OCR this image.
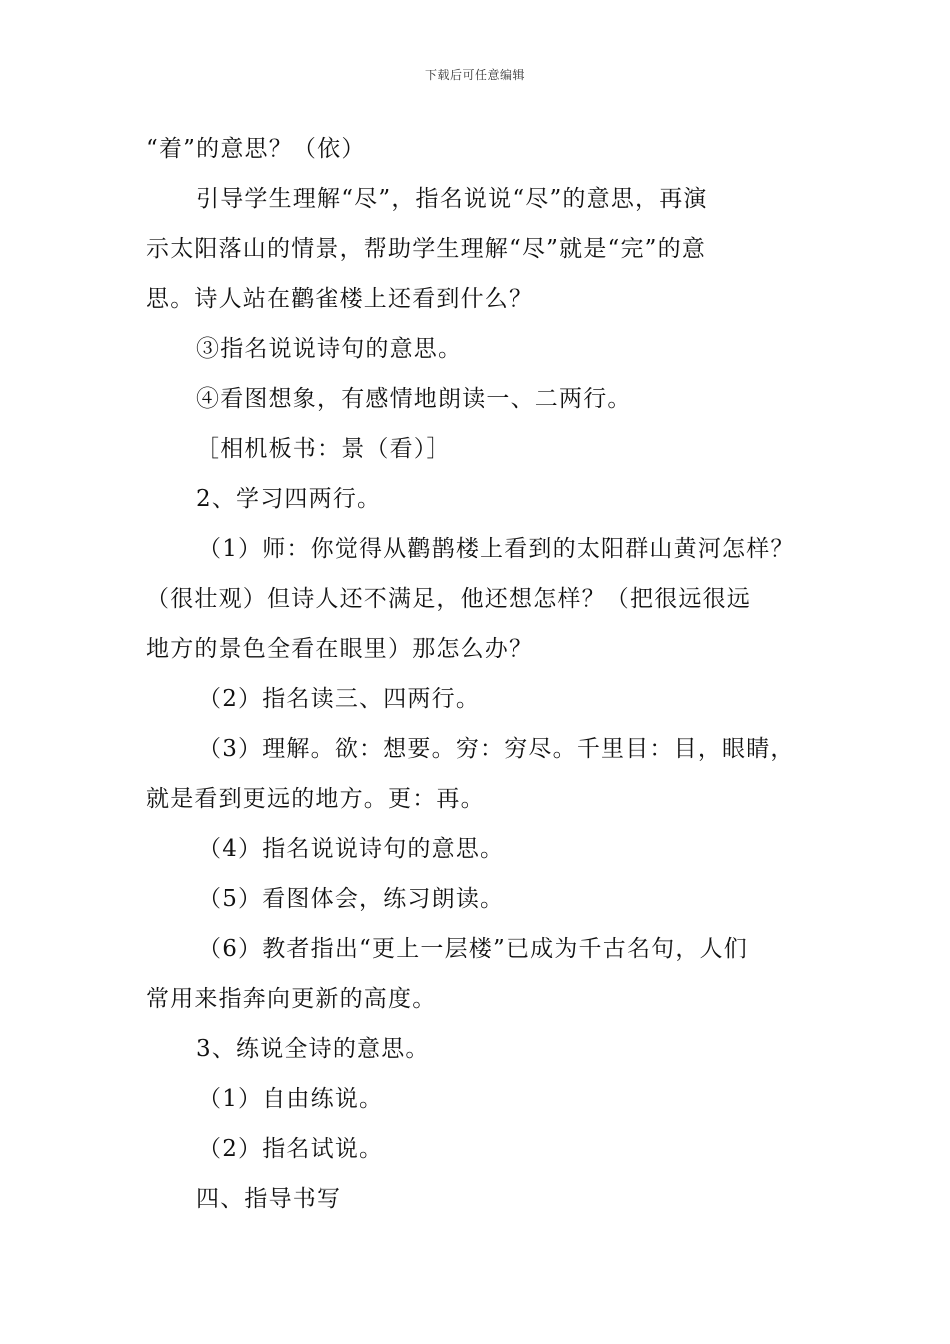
下载后可任意编辑
“着”的意思？（依）
引导学生理解“尽”，指名说说“尽”的意思，再演
示太阳落山的情景，帮助学生理解“尽”就是“完”的意
思。诗人站在鹳雀楼上还看到什么？
③指名说说诗句的意思。
④看图想象，有感情地朗读一、二两行。
［相机板书：景（看）］
2、学习四两行。
（1）师：你觉得从鹳鹊楼上看到的太阳群山黄河怎样？
（很壮观）但诗人还不满足，他还想怎样？（把很远很远
地方的景色全看在眼里）那怎么办？
（2）指名读三、四两行。
（3）理解。欲：想要。穷：穷尽。千里目：目，眼睛，
就是看到更远的地方。更：再。
（4）指名说说诗句的意思。
（5）看图体会，练习朗读。
（6）教者指出“更上一层楼”已成为千古名句，人们
常用来指奔向更新的高度。
3、练说全诗的意思。
（1）自由练说。
（2）指名试说。
四、指导书写
